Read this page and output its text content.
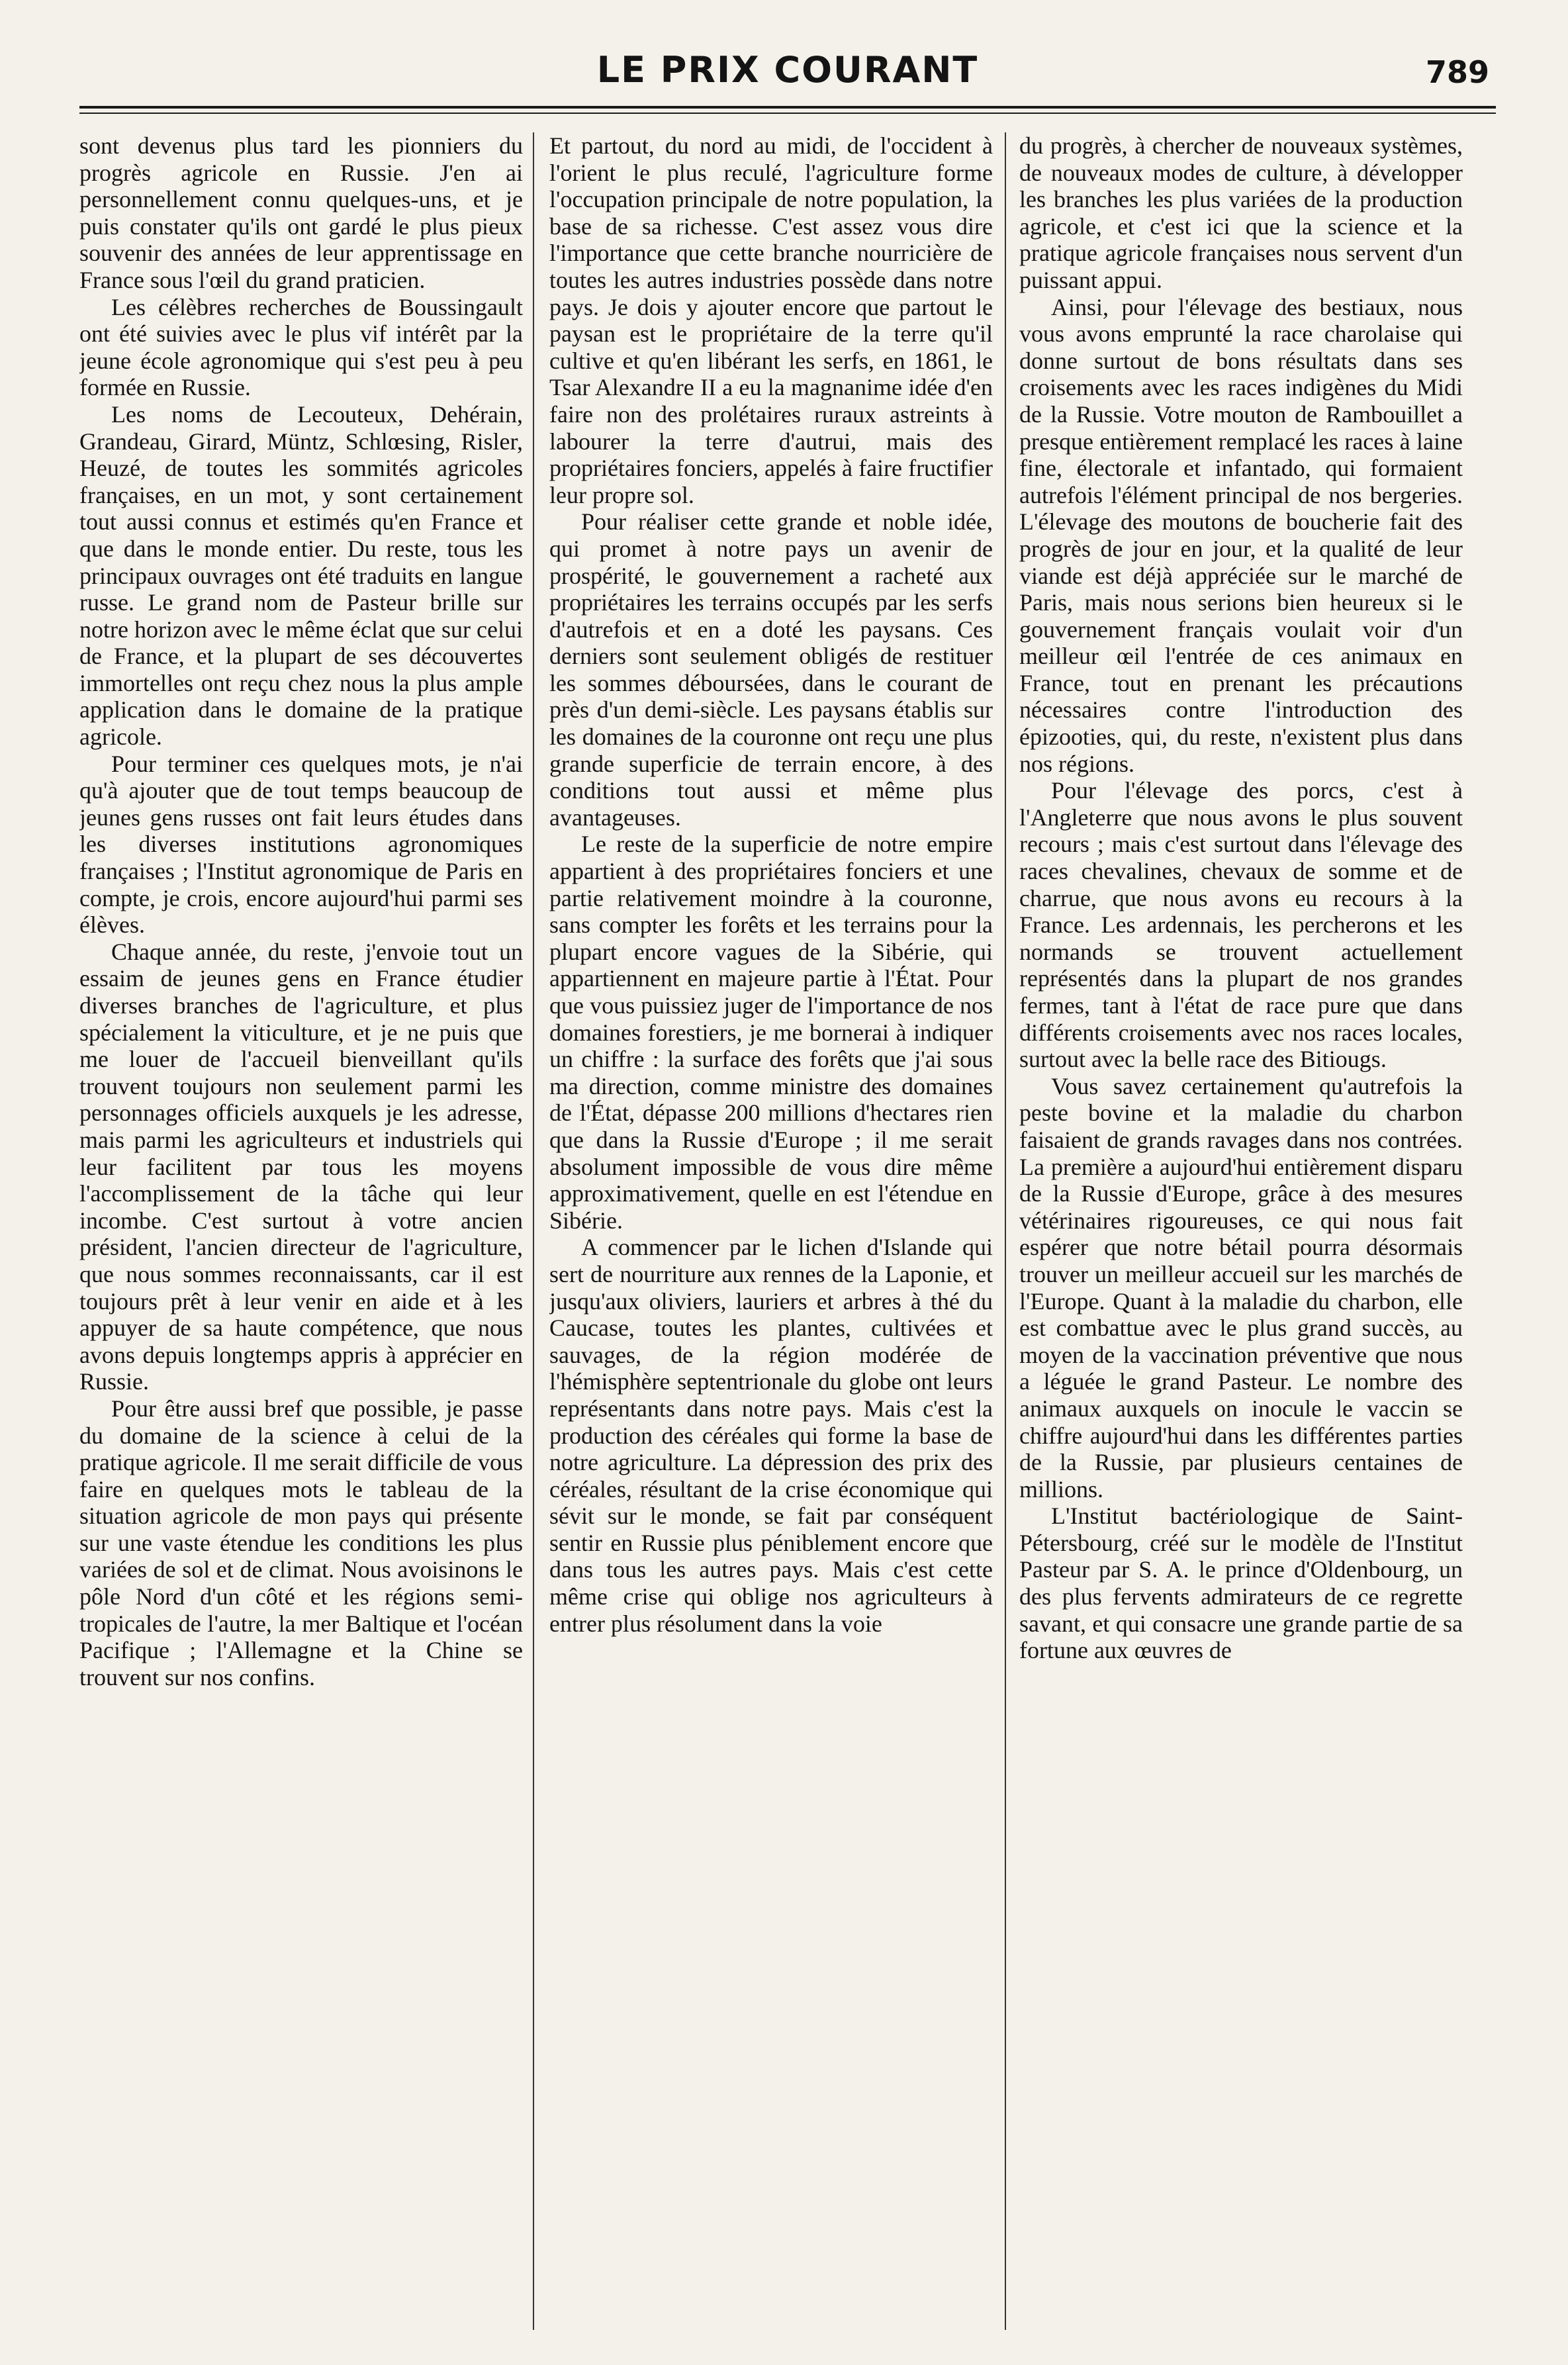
LE PRIX COURANT	789

sont devenus plus tard les pionniers du progrès agricole en Russie. J'en ai personnellement connu quelques-uns, et je puis constater qu'ils ont gardé le plus pieux souvenir des années de leur apprentissage en France sous l'œil du grand praticien.

Les célèbres recherches de Boussingault ont été suivies avec le plus vif intérêt par la jeune école agronomique qui s'est peu à peu formée en Russie.

Les noms de Lecouteux, Dehérain, Grandeau, Girard, Müntz, Schlœsing, Risler, Heuzé, de toutes les sommités agricoles françaises, en un mot, y sont certainement tout aussi connus et estimés qu'en France et que dans le monde entier. Du reste, tous les principaux ouvrages ont été traduits en langue russe. Le grand nom de Pasteur brille sur notre horizon avec le même éclat que sur celui de France, et la plupart de ses découvertes immortelles ont reçu chez nous la plus ample application dans le domaine de la pratique agricole.

Pour terminer ces quelques mots, je n'ai qu'à ajouter que de tout temps beaucoup de jeunes gens russes ont fait leurs études dans les diverses institutions agronomiques françaises ; l'Institut agronomique de Paris en compte, je crois, encore aujourd'hui parmi ses élèves.

Chaque année, du reste, j'envoie tout un essaim de jeunes gens en France étudier diverses branches de l'agriculture, et plus spécialement la viticulture, et je ne puis que me louer de l'accueil bienveillant qu'ils trouvent toujours non seulement parmi les personnages officiels auxquels je les adresse, mais parmi les agriculteurs et industriels qui leur facilitent par tous les moyens l'accomplissement de la tâche qui leur incombe. C'est surtout à votre ancien président, l'ancien directeur de l'agriculture, que nous sommes reconnaissants, car il est toujours prêt à leur venir en aide et à les appuyer de sa haute compétence, que nous avons depuis longtemps appris à apprécier en Russie.

Pour être aussi bref que possible, je passe du domaine de la science à celui de la pratique agricole. Il me serait difficile de vous faire en quelques mots le tableau de la situation agricole de mon pays qui présente sur une vaste étendue les conditions les plus variées de sol et de climat. Nous avoisinons le pôle Nord d'un côté et les régions semi-tropicales de l'autre, la mer Baltique et l'océan Pacifique ; l'Allemagne et la Chine se trouvent sur nos confins.

Et partout, du nord au midi, de l'occident à l'orient le plus reculé, l'agriculture forme l'occupation principale de notre population, la base de sa richesse. C'est assez vous dire l'importance que cette branche nourricière de toutes les autres industries possède dans notre pays. Je dois y ajouter encore que partout le paysan est le propriétaire de la terre qu'il cultive et qu'en libérant les serfs, en 1861, le Tsar Alexandre II a eu la magnanime idée d'en faire non des prolétaires ruraux astreints à labourer la terre d'autrui, mais des propriétaires fonciers, appelés à faire fructifier leur propre sol.

Pour réaliser cette grande et noble idée, qui promet à notre pays un avenir de prospérité, le gouvernement a racheté aux propriétaires les terrains occupés par les serfs d'autrefois et en a doté les paysans. Ces derniers sont seulement obligés de restituer les sommes déboursées, dans le courant de près d'un demi-siècle. Les paysans établis sur les domaines de la couronne ont reçu une plus grande superficie de terrain encore, à des conditions tout aussi et même plus avantageuses.

Le reste de la superficie de notre empire appartient à des propriétaires fonciers et une partie relativement moindre à la couronne, sans compter les forêts et les terrains pour la plupart encore vagues de la Sibérie, qui appartiennent en majeure partie à l'État. Pour que vous puissiez juger de l'importance de nos domaines forestiers, je me bornerai à indiquer un chiffre : la surface des forêts que j'ai sous ma direction, comme ministre des domaines de l'État, dépasse 200 millions d'hectares rien que dans la Russie d'Europe ; il me serait absolument impossible de vous dire même approximativement, quelle en est l'étendue en Sibérie.

A commencer par le lichen d'Islande qui sert de nourriture aux rennes de la Laponie, et jusqu'aux oliviers, lauriers et arbres à thé du Caucase, toutes les plantes, cultivées et sauvages, de la région modérée de l'hémisphère septentrionale du globe ont leurs représentants dans notre pays. Mais c'est la production des céréales qui forme la base de notre agriculture. La dépression des prix des céréales, résultant de la crise économique qui sévit sur le monde, se fait par conséquent sentir en Russie plus péniblement encore que dans tous les autres pays. Mais c'est cette même crise qui oblige nos agriculteurs à entrer plus résolument dans la voie

du progrès, à chercher de nouveaux systèmes, de nouveaux modes de culture, à développer les branches les plus variées de la production agricole, et c'est ici que la science et la pratique agricole françaises nous servent d'un puissant appui.

Ainsi, pour l'élevage des bestiaux, nous vous avons emprunté la race charolaise qui donne surtout de bons résultats dans ses croisements avec les races indigènes du Midi de la Russie. Votre mouton de Rambouillet a presque entièrement remplacé les races à laine fine, électorale et infantado, qui formaient autrefois l'élément principal de nos bergeries. L'élevage des moutons de boucherie fait des progrès de jour en jour, et la qualité de leur viande est déjà appréciée sur le marché de Paris, mais nous serions bien heureux si le gouvernement français voulait voir d'un meilleur œil l'entrée de ces animaux en France, tout en prenant les précautions nécessaires contre l'introduction des épizooties, qui, du reste, n'existent plus dans nos régions.

Pour l'élevage des porcs, c'est à l'Angleterre que nous avons le plus souvent recours ; mais c'est surtout dans l'élevage des races chevalines, chevaux de somme et de charrue, que nous avons eu recours à la France. Les ardennais, les percherons et les normands se trouvent actuellement représentés dans la plupart de nos grandes fermes, tant à l'état de race pure que dans différents croisements avec nos races locales, surtout avec la belle race des Bitiougs.

Vous savez certainement qu'autrefois la peste bovine et la maladie du charbon faisaient de grands ravages dans nos contrées. La première a aujourd'hui entièrement disparu de la Russie d'Europe, grâce à des mesures vétérinaires rigoureuses, ce qui nous fait espérer que notre bétail pourra désormais trouver un meilleur accueil sur les marchés de l'Europe. Quant à la maladie du charbon, elle est combattue avec le plus grand succès, au moyen de la vaccination préventive que nous a léguée le grand Pasteur. Le nombre des animaux auxquels on inocule le vaccin se chiffre aujourd'hui dans les différentes parties de la Russie, par plusieurs centaines de millions.

L'Institut bactériologique de Saint-Pétersbourg, créé sur le modèle de l'Institut Pasteur par S. A. le prince d'Oldenbourg, un des plus fervents admirateurs de ce regrette savant, et qui consacre une grande partie de sa fortune aux œuvres de
